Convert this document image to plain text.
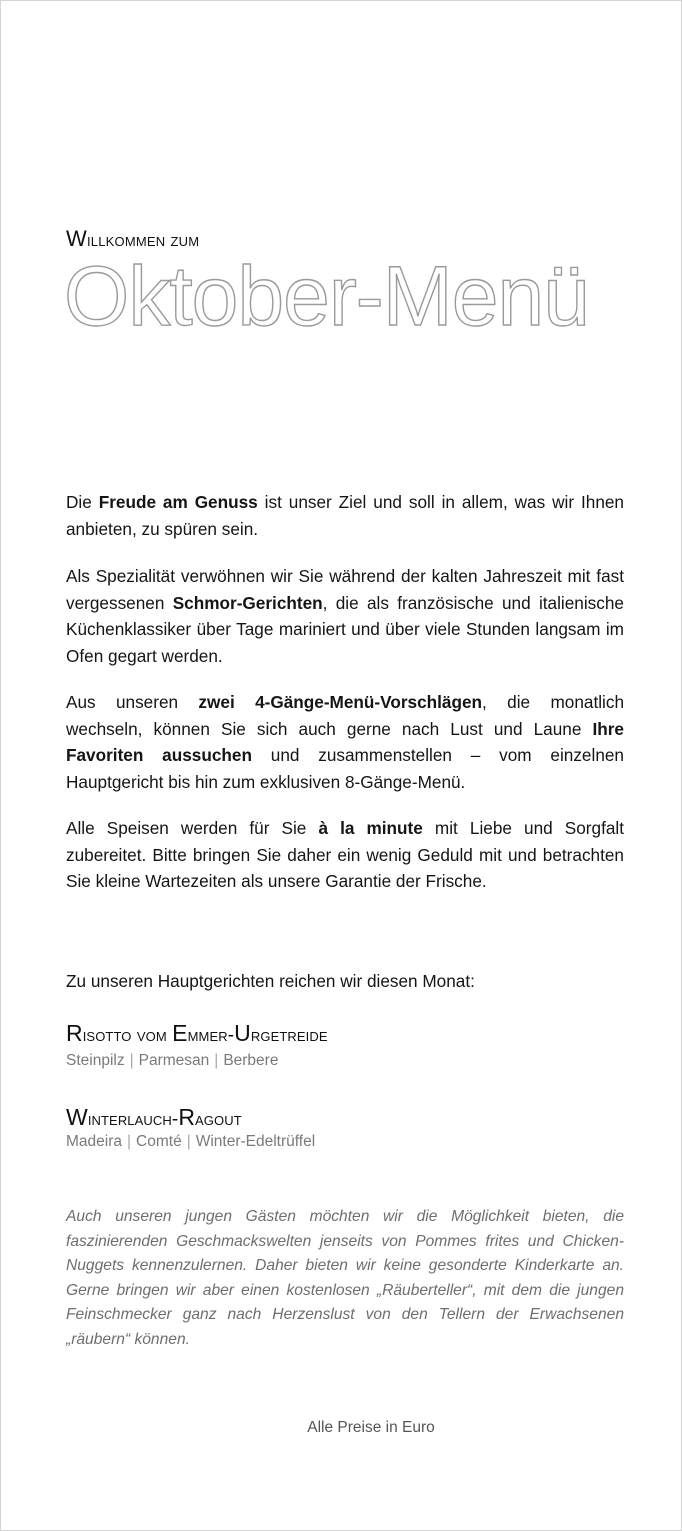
Willkommen zum
Oktober-Menü

Die Freude am Genuss ist unser Ziel und soll in allem, was wir Ihnen anbieten, zu spüren sein.

Als Spezialität verwöhnen wir Sie während der kalten Jahreszeit mit fast vergessenen Schmor-Gerichten, die als französische und italienische Küchenklassiker über Tage mariniert und über viele Stunden langsam im Ofen gegart werden.

Aus unseren zwei 4-Gänge-Menü-Vorschlägen, die monatlich wechseln, können Sie sich auch gerne nach Lust und Laune Ihre Favoriten aussuchen und zusammenstellen – vom einzelnen Hauptgericht bis hin zum exklusiven 8-Gänge-Menü.

Alle Speisen werden für Sie à la minute mit Liebe und Sorgfalt zubereitet. Bitte bringen Sie daher ein wenig Geduld mit und betrachten Sie kleine Wartezeiten als unsere Garantie der Frische.

Zu unseren Hauptgerichten reichen wir diesen Monat:

Risotto vom Emmer-Urgetreide
Steinpilz | Parmesan | Berbere
Winterlauch-Ragout
Madeira | Comté | Winter-Edeltrüffel

Auch unseren jungen Gästen möchten wir die Möglichkeit bieten, die faszinierenden Geschmackswelten jenseits von Pommes frites und Chicken-Nuggets kennenzulernen. Daher bieten wir keine gesonderte Kinderkarte an. Gerne bringen wir aber einen kostenlosen „Räuberteller“, mit dem die jungen Feinschmecker ganz nach Herzenslust von den Tellern der Erwachsenen „räubern“ können.

Alle Preise in Euro
